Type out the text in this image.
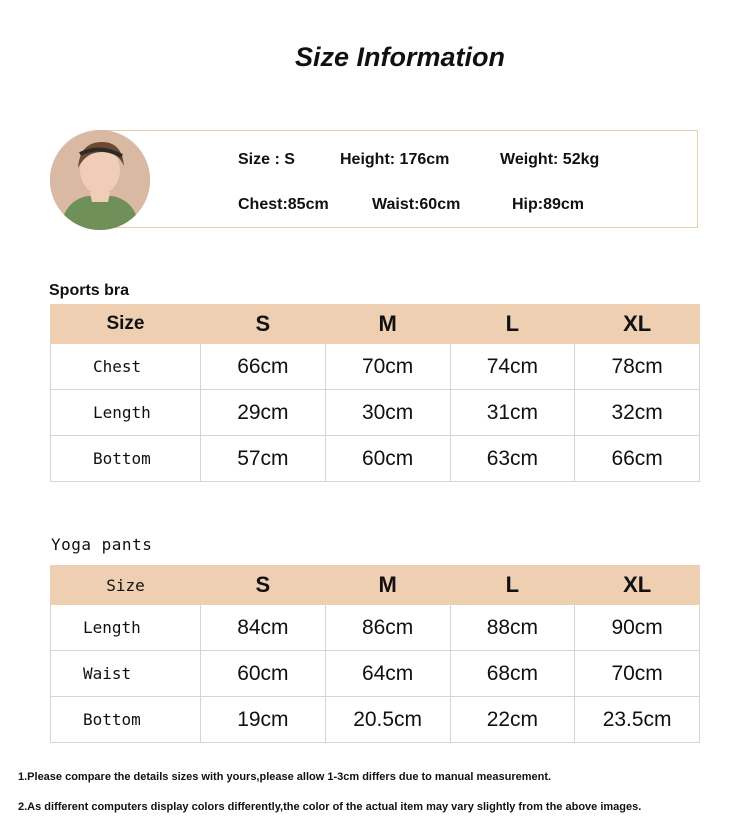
Size Information
Size : S	Height: 176cm	Weight: 52kg
Chest:85cm	Waist:60cm	Hip:89cm
Sports bra
Size	S	M	L	XL
Chest	66cm	70cm	74cm	78cm
Length	29cm	30cm	31cm	32cm
Bottom	57cm	60cm	63cm	66cm
Yoga pants
Size	S	M	L	XL
Length	84cm	86cm	88cm	90cm
Waist	60cm	64cm	68cm	70cm
Bottom	19cm	20.5cm	22cm	23.5cm
1.Please compare the details sizes with yours,please allow 1-3cm differs due to manual measurement.
2.As different computers display colors differently,the color of the actual item may vary slightly from the above images.
